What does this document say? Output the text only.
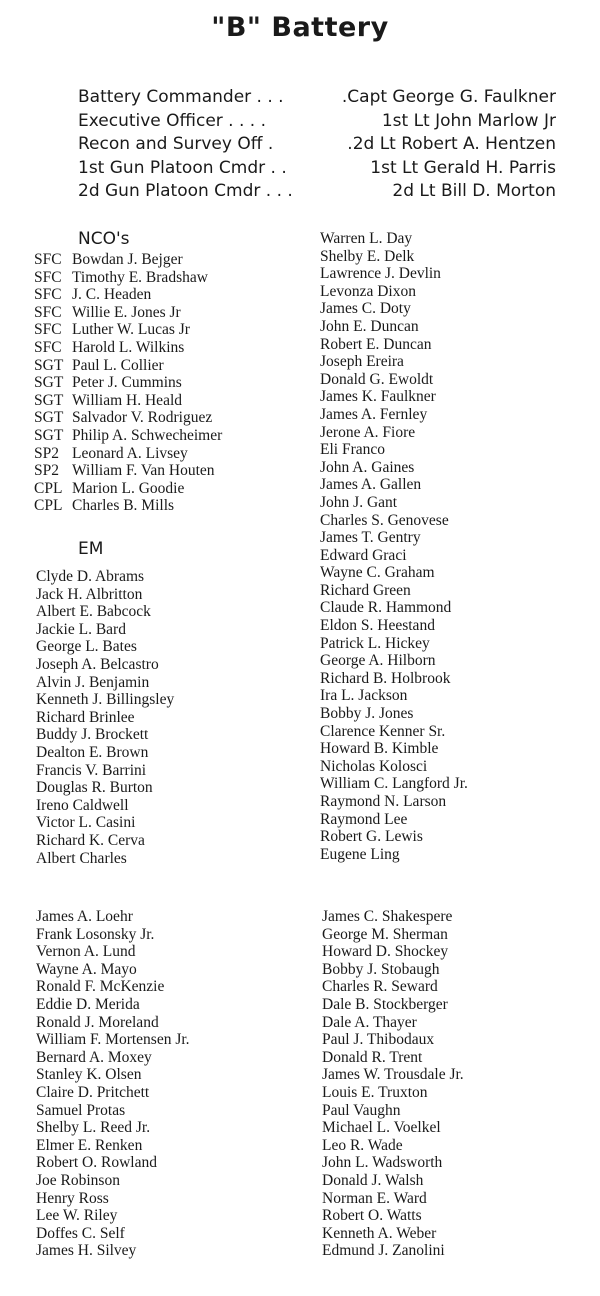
"B" Battery
Battery Commander . . .	.Capt George G. Faulkner
Executive Officer . . . .	1st Lt John Marlow Jr
Recon and Survey Off .	.2d Lt Robert A. Hentzen
1st Gun Platoon Cmdr . .	1st Lt Gerald H. Parris
2d Gun Platoon Cmdr . . .	2d Lt Bill D. Morton
NCO's
SFC Bowdan J. Bejger
SFC Timothy E. Bradshaw
SFC J. C. Headen
SFC Willie E. Jones Jr
SFC Luther W. Lucas Jr
SFC Harold L. Wilkins
SGT Paul L. Collier
SGT Peter J. Cummins
SGT William H. Heald
SGT Salvador V. Rodriguez
SGT Philip A. Schwecheimer
SP2 Leonard A. Livsey
SP2 William F. Van Houten
CPL Marion L. Goodie
CPL Charles B. Mills
EM
Clyde D. Abrams
Jack H. Albritton
Albert E. Babcock
Jackie L. Bard
George L. Bates
Joseph A. Belcastro
Alvin J. Benjamin
Kenneth J. Billingsley
Richard Brinlee
Buddy J. Brockett
Dealton E. Brown
Francis V. Barrini
Douglas R. Burton
Ireno Caldwell
Victor L. Casini
Richard K. Cerva
Albert Charles
Warren L. Day
Shelby E. Delk
Lawrence J. Devlin
Levonza Dixon
James C. Doty
John E. Duncan
Robert E. Duncan
Joseph Ereira
Donald G. Ewoldt
James K. Faulkner
James A. Fernley
Jerone A. Fiore
Eli Franco
John A. Gaines
James A. Gallen
John J. Gant
Charles S. Genovese
James T. Gentry
Edward Graci
Wayne C. Graham
Richard Green
Claude R. Hammond
Eldon S. Heestand
Patrick L. Hickey
George A. Hilborn
Richard B. Holbrook
Ira L. Jackson
Bobby J. Jones
Clarence Kenner Sr.
Howard B. Kimble
Nicholas Kolosci
William C. Langford Jr.
Raymond N. Larson
Raymond Lee
Robert G. Lewis
Eugene Ling
James A. Loehr
Frank Losonsky Jr.
Vernon A. Lund
Wayne A. Mayo
Ronald F. McKenzie
Eddie D. Merida
Ronald J. Moreland
William F. Mortensen Jr.
Bernard A. Moxey
Stanley K. Olsen
Claire D. Pritchett
Samuel Protas
Shelby L. Reed Jr.
Elmer E. Renken
Robert O. Rowland
Joe Robinson
Henry Ross
Lee W. Riley
Doffes C. Self
James H. Silvey
James C. Shakespere
George M. Sherman
Howard D. Shockey
Bobby J. Stobaugh
Charles R. Seward
Dale B. Stockberger
Dale A. Thayer
Paul J. Thibodaux
Donald R. Trent
James W. Trousdale Jr.
Louis E. Truxton
Paul Vaughn
Michael L. Voelkel
Leo R. Wade
John L. Wadsworth
Donald J. Walsh
Norman E. Ward
Robert O. Watts
Kenneth A. Weber
Edmund J. Zanolini
